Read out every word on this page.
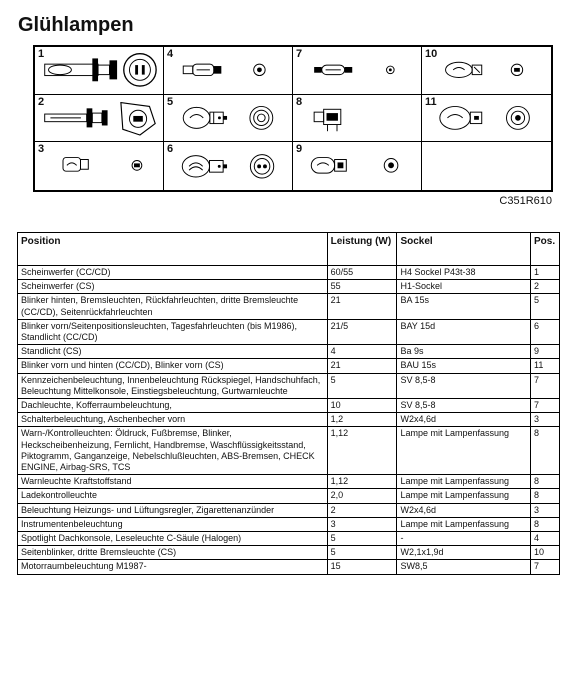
Glühlampen
1	4	7	10
2	5	8	11
3	6	9
C351R610
Position	Leistung (W)	Sockel	Pos.
Scheinwerfer (CC/CD)	60/55	H4 Sockel P43t-38	1
Scheinwerfer (CS)	55	H1-Sockel	2
Blinker hinten, Bremsleuchten, Rückfahrleuchten, dritte Bremsleuchte (CC/CD), Seitenrückfahrleuchten	21	BA 15s	5
Blinker vorn/Seitenpositionsleuchten, Tagesfahrleuchten (bis M1986), Standlicht (CC/CD)	21/5	BAY 15d	6
Standlicht (CS)	4	Ba 9s	9
Blinker vorn und hinten (CC/CD), Blinker vorn (CS)	21	BAU 15s	11
Kennzeichenbeleuchtung, Innenbeleuchtung Rückspiegel, Handschuhfach, Beleuchtung Mittelkonsole, Einstiegsbeleuchtung, Gurtwarnleuchte	5	SV 8,5-8	7
Dachleuchte, Kofferraumbeleuchtung,	10	SV 8,5-8	7
Schalterbeleuchtung, Aschenbecher vorn	1,2	W2x4,6d	3
Warn-/Kontrolleuchten: Öldruck, Fußbremse, Blinker, Heckscheibenheizung, Fernlicht, Handbremse, Waschflüssigkeitsstand, Piktogramm, Ganganzeige, Nebelschlußleuchten, ABS-Bremsen, CHECK ENGINE, Airbag-SRS, TCS	1,12	Lampe mit Lampenfassung	8
Warnleuchte Kraftstoffstand	1,12	Lampe mit Lampenfassung	8
Ladekontrolleuchte	2,0	Lampe mit Lampenfassung	8
Beleuchtung Heizungs- und Lüftungsregler, Zigarettenanzünder	2	W2x4,6d	3
Instrumentenbeleuchtung	3	Lampe mit Lampenfassung	8
Spotlight Dachkonsole, Leseleuchte C-Säule (Halogen)	5	-	4
Seitenblinker, dritte Bremsleuchte (CS)	5	W2,1x1,9d	10
Motorraumbeleuchtung M1987-	15	SW8,5	7
